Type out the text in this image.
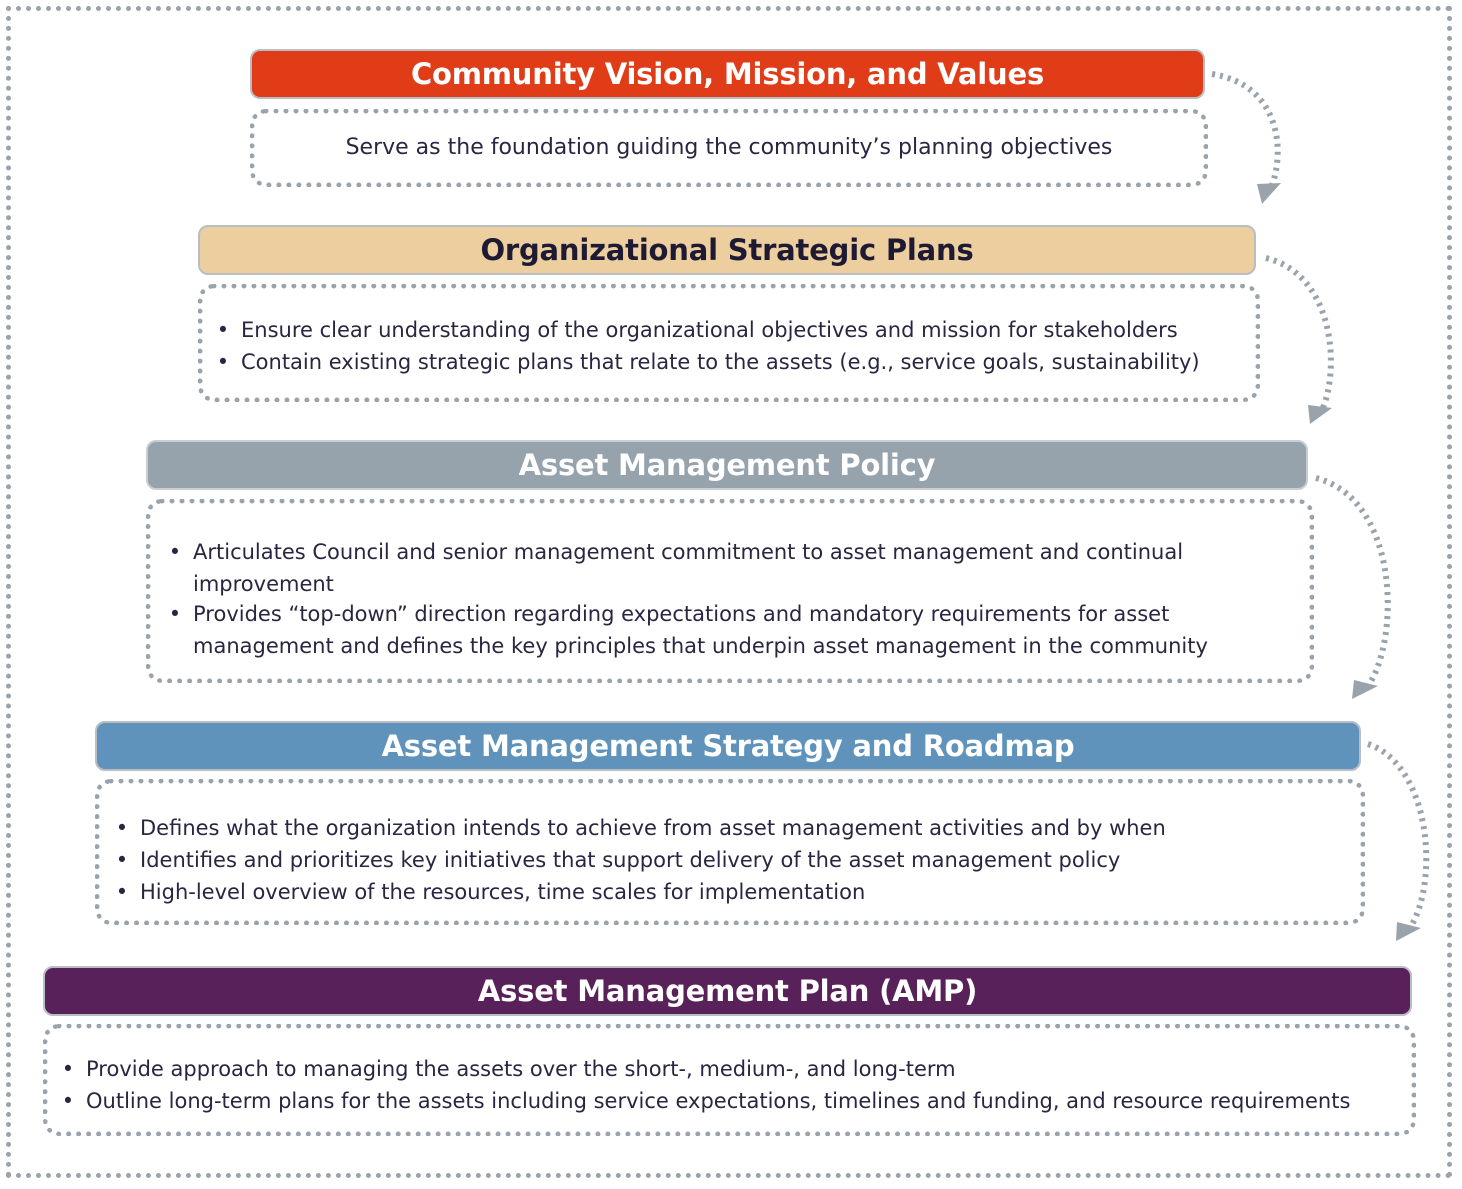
Community Vision, Mission, and Values
Serve as the foundation guiding the community’s planning objectives
Organizational Strategic Plans
• Ensure clear understanding of the organizational objectives and mission for stakeholders
• Contain existing strategic plans that relate to the assets (e.g., service goals, sustainability)
Asset Management Policy
• Articulates Council and senior management commitment to asset management and continual improvement
• Provides “top-down” direction regarding expectations and mandatory requirements for asset management and defines the key principles that underpin asset management in the community
Asset Management Strategy and Roadmap
• Defines what the organization intends to achieve from asset management activities and by when
• Identifies and prioritizes key initiatives that support delivery of the asset management policy
• High-level overview of the resources, time scales for implementation
Asset Management Plan (AMP)
• Provide approach to managing the assets over the short-, medium-, and long-term
• Outline long-term plans for the assets including service expectations, timelines and funding, and resource requirements
